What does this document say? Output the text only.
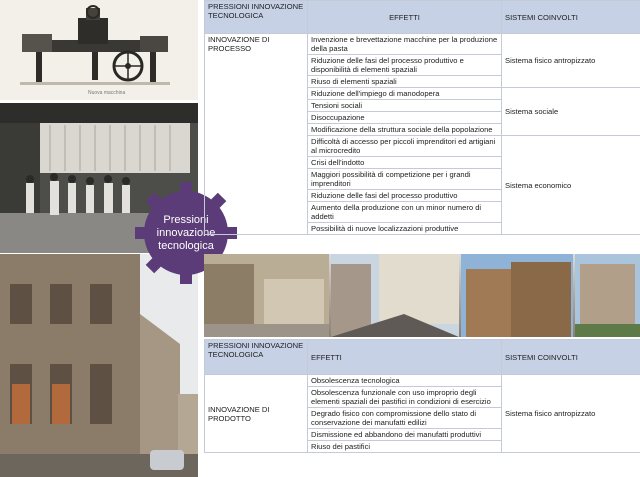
Nuova macchina
Pressioni
innovazione
tecnologica
PRESSIONI INNOVAZIONE TECNOLOGICA	EFFETTI	SISTEMI COINVOLTI
INNOVAZIONE DI PROCESSO	Invenzione e brevettazione macchine per la produzione della pasta	Sistema fisico antropizzato
	Riduzione delle fasi del processo produttivo e disponibilità di elementi spaziali	
	Riuso di elementi spaziali	
	Riduzione dell'impiego di manodopera	Sistema sociale
	Tensioni sociali	
	Disoccupazione	
	Modificazione della struttura sociale della popolazione	
	Difficoltà di accesso per piccoli imprenditori ed artigiani al microcredito	Sistema economico
	Crisi dell'indotto	
	Maggiori possibilità di competizione per i grandi imprenditori	
	Riduzione delle fasi del processo produttivo	
	Aumento della produzione con un minor numero di addetti	
	Possibilità di nuove localizzazioni produttive	
PRESSIONI INNOVAZIONE TECNOLOGICA	EFFETTI	SISTEMI COINVOLTI
INNOVAZIONE DI PRODOTTO	Obsolescenza tecnologica	Sistema fisico antropizzato
	Obsolescenza funzionale con uso improprio degli elementi spaziali dei pastifici in condizioni di esercizio	
	Degrado fisico con compromissione dello stato di conservazione dei manufatti edilizi	
	Dismissione ed abbandono dei manufatti produttivi	
	Riuso dei pastifici	
